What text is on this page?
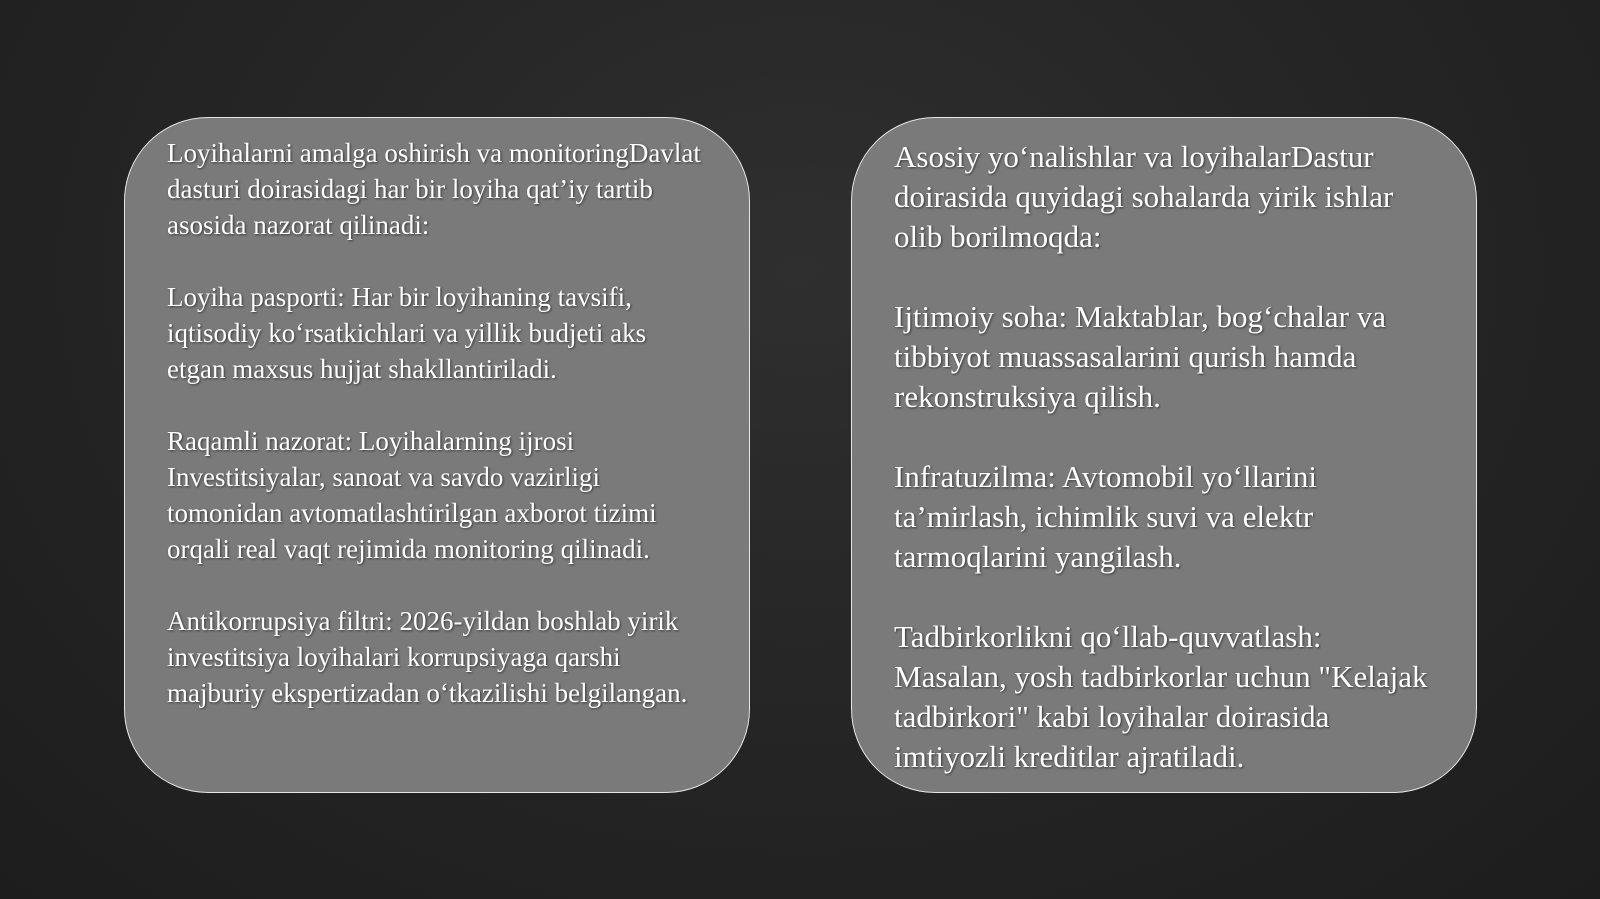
Loyihalarni amalga oshirish va monitoringDavlat dasturi doirasidagi har bir loyiha qat’iy tartib asosida nazorat qilinadi:

Loyiha pasporti: Har bir loyihaning tavsifi, iqtisodiy ko‘rsatkichlari va yillik budjeti aks etgan maxsus hujjat shakllantiriladi.

Raqamli nazorat: Loyihalarning ijrosi Investitsiyalar, sanoat va savdo vazirligi tomonidan avtomatlashtirilgan axborot tizimi orqali real vaqt rejimida monitoring qilinadi.

Antikorrupsiya filtri: 2026-yildan boshlab yirik investitsiya loyihalari korrupsiyaga qarshi majburiy ekspertizadan o‘tkazilishi belgilangan.

Asosiy yo‘nalishlar va loyihalarDastur doirasida quyidagi sohalarda yirik ishlar olib borilmoqda:

Ijtimoiy soha: Maktablar, bog‘chalar va tibbiyot muassasalarini qurish hamda rekonstruksiya qilish.

Infratuzilma: Avtomobil yo‘llarini ta’mirlash, ichimlik suvi va elektr tarmoqlarini yangilash.

Tadbirkorlikni qo‘llab-quvvatlash: Masalan, yosh tadbirkorlar uchun "Kelajak tadbirkori" kabi loyihalar doirasida imtiyozli kreditlar ajratiladi.
